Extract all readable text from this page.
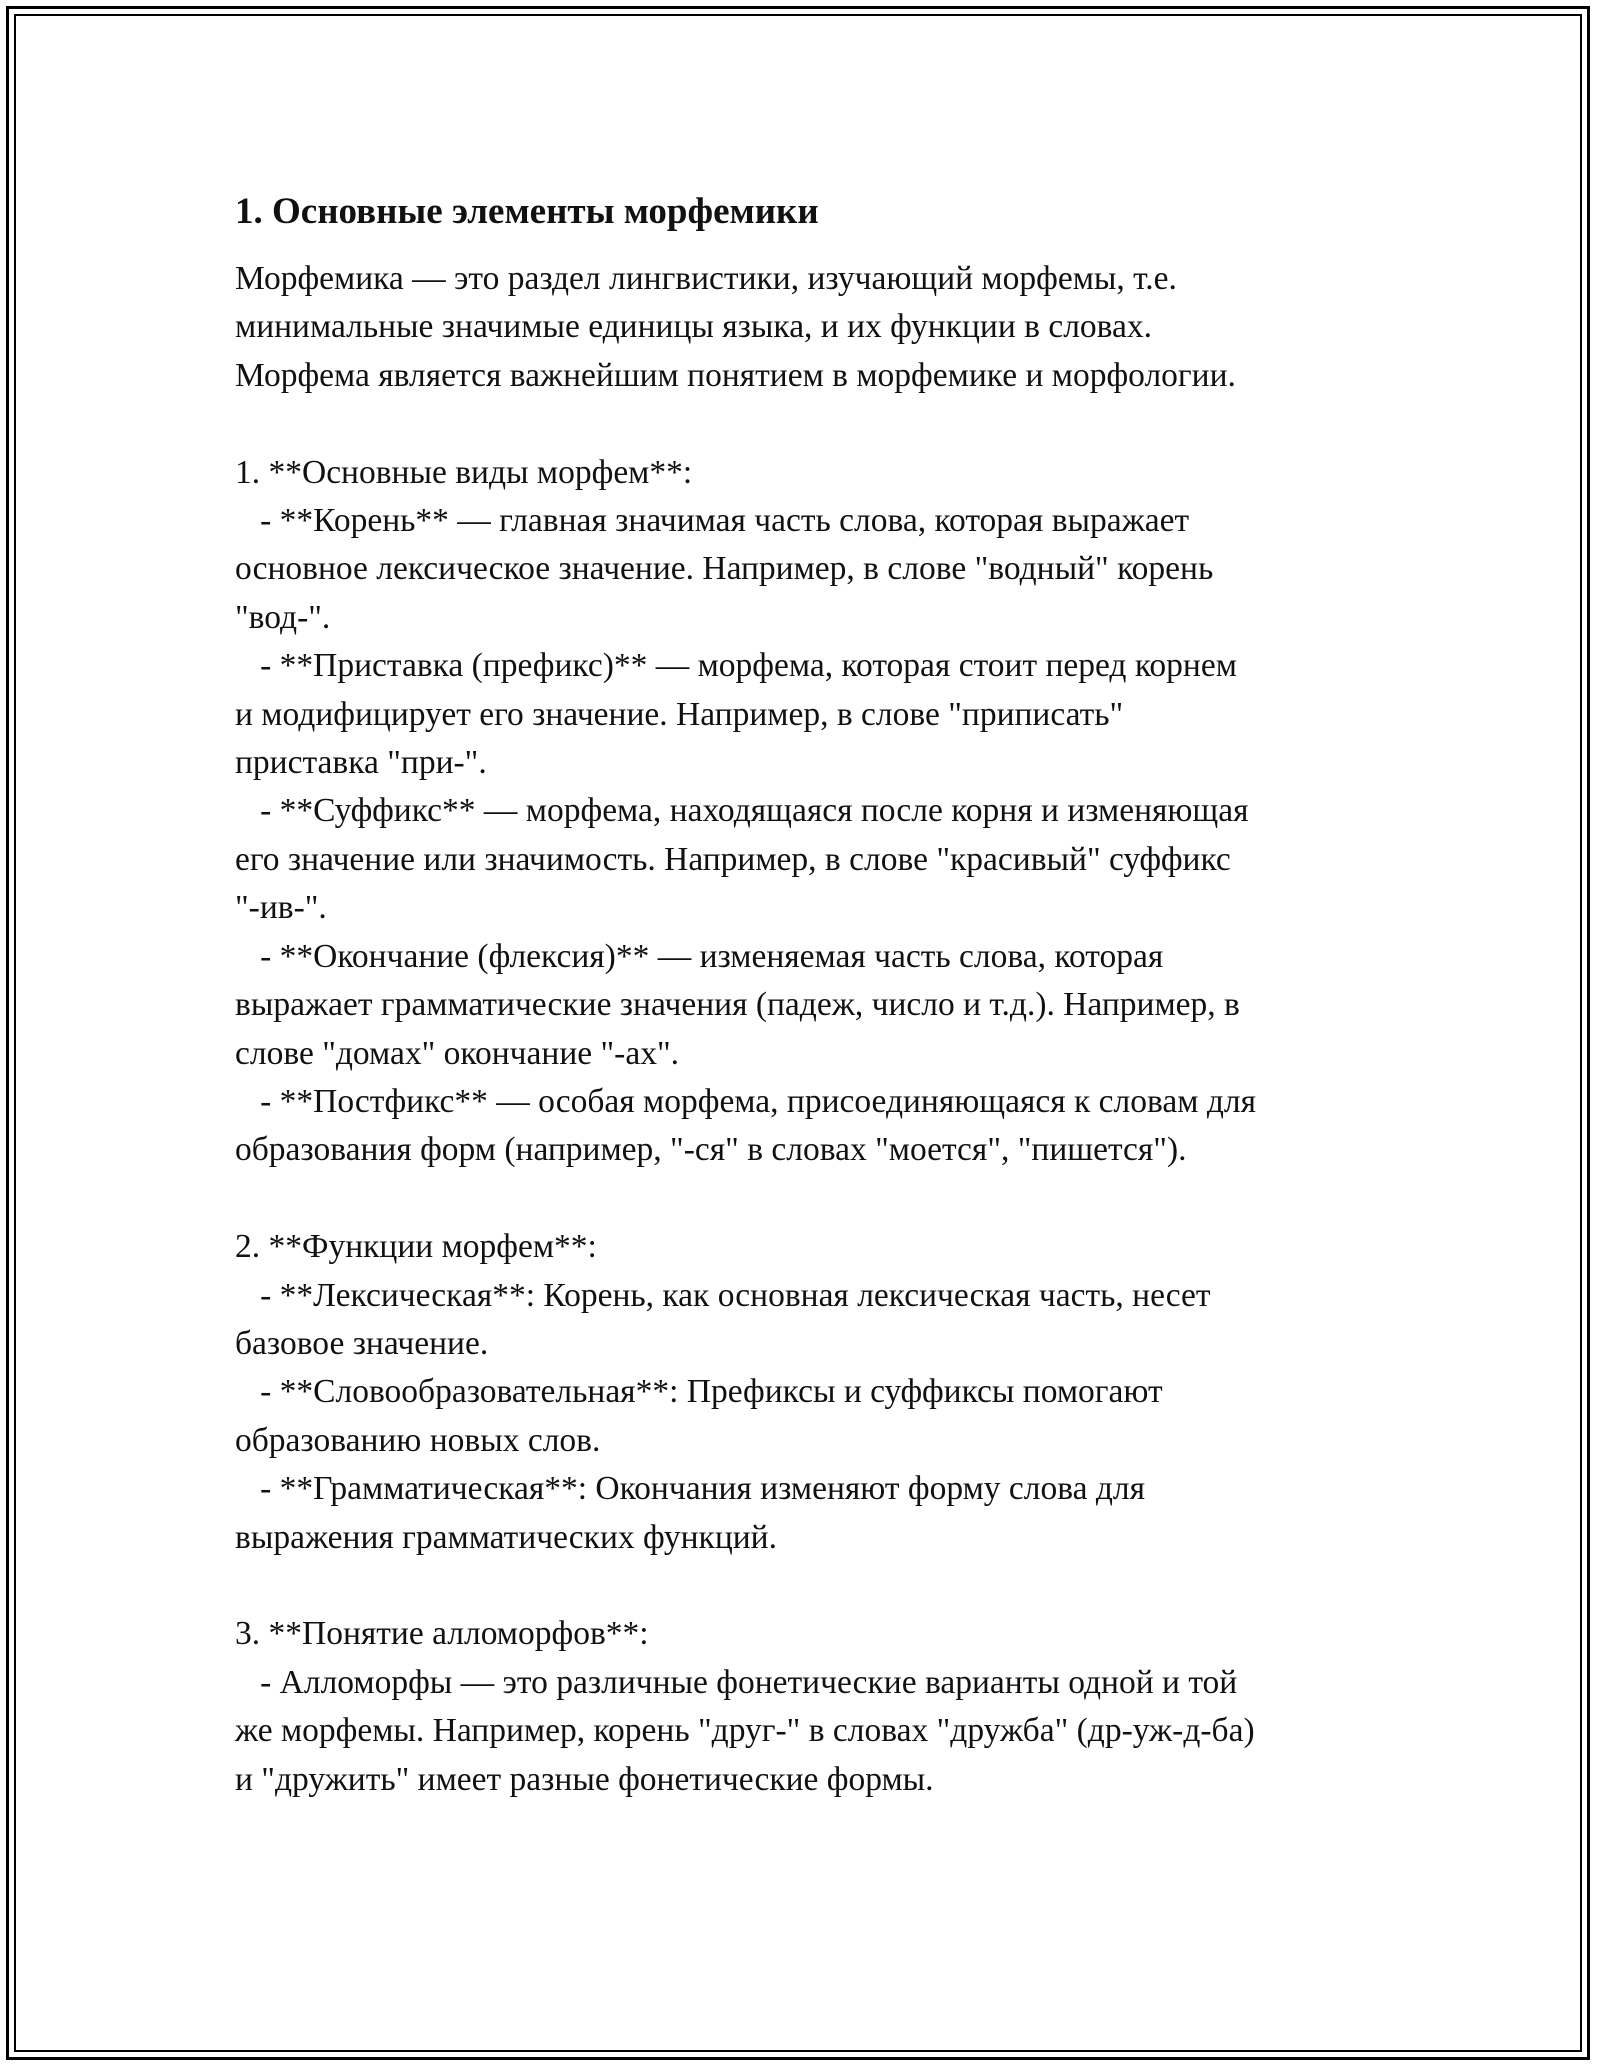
1. Основные элементы морфемики
Морфемика — это раздел лингвистики, изучающий морфемы, т.е.
минимальные значимые единицы языка, и их функции в словах.
Морфема является важнейшим понятием в морфемике и морфологии.

1. **Основные виды морфем**:
- **Корень** — главная значимая часть слова, которая выражает
основное лексическое значение. Например, в слове "водный" корень
"вод-".
- **Приставка (префикс)** — морфема, которая стоит перед корнем
и модифицирует его значение. Например, в слове "приписать"
приставка "при-".
- **Суффикс** — морфема, находящаяся после корня и изменяющая
его значение или значимость. Например, в слове "красивый" суффикс
"-ив-".
- **Окончание (флексия)** — изменяемая часть слова, которая
выражает грамматические значения (падеж, число и т.д.). Например, в
слове "домах" окончание "-ах".
- **Постфикс** — особая морфема, присоединяющаяся к словам для
образования форм (например, "-ся" в словах "моется", "пишется").

2. **Функции морфем**:
- **Лексическая**: Корень, как основная лексическая часть, несет
базовое значение.
- **Словообразовательная**: Префиксы и суффиксы помогают
образованию новых слов.
- **Грамматическая**: Окончания изменяют форму слова для
выражения грамматических функций.

3. **Понятие алломорфов**:
- Алломорфы — это различные фонетические варианты одной и той
же морфемы. Например, корень "друг-" в словах "дружба" (др-уж-д-ба)
и "дружить" имеет разные фонетические формы.
